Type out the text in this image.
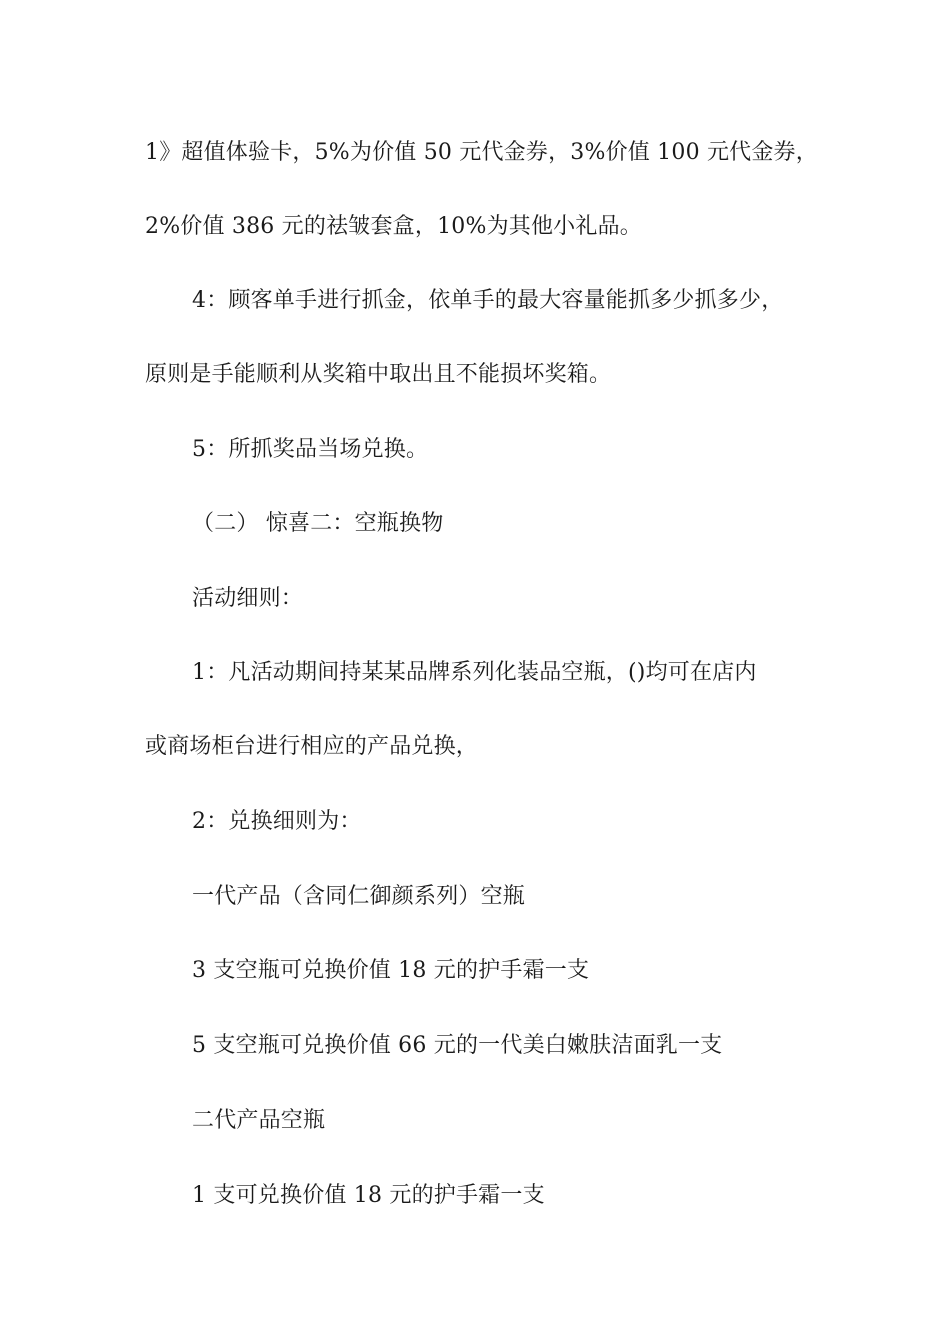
1》超值体验卡，5%为价值 50 元代金券，3%价值 100 元代金券，
2%价值 386 元的祛皱套盒，10%为其他小礼品。
4：顾客单手进行抓金，依单手的最大容量能抓多少抓多少，
原则是手能顺利从奖箱中取出且不能损坏奖箱。
5：所抓奖品当场兑换。
（二） 惊喜二：空瓶换物
活动细则：
1：凡活动期间持某某品牌系列化装品空瓶，()均可在店内
或商场柜台进行相应的产品兑换，
2：兑换细则为：
一代产品（含同仁御颜系列）空瓶
3 支空瓶可兑换价值 18 元的护手霜一支
5 支空瓶可兑换价值 66 元的一代美白嫩肤洁面乳一支
二代产品空瓶
1 支可兑换价值 18 元的护手霜一支
